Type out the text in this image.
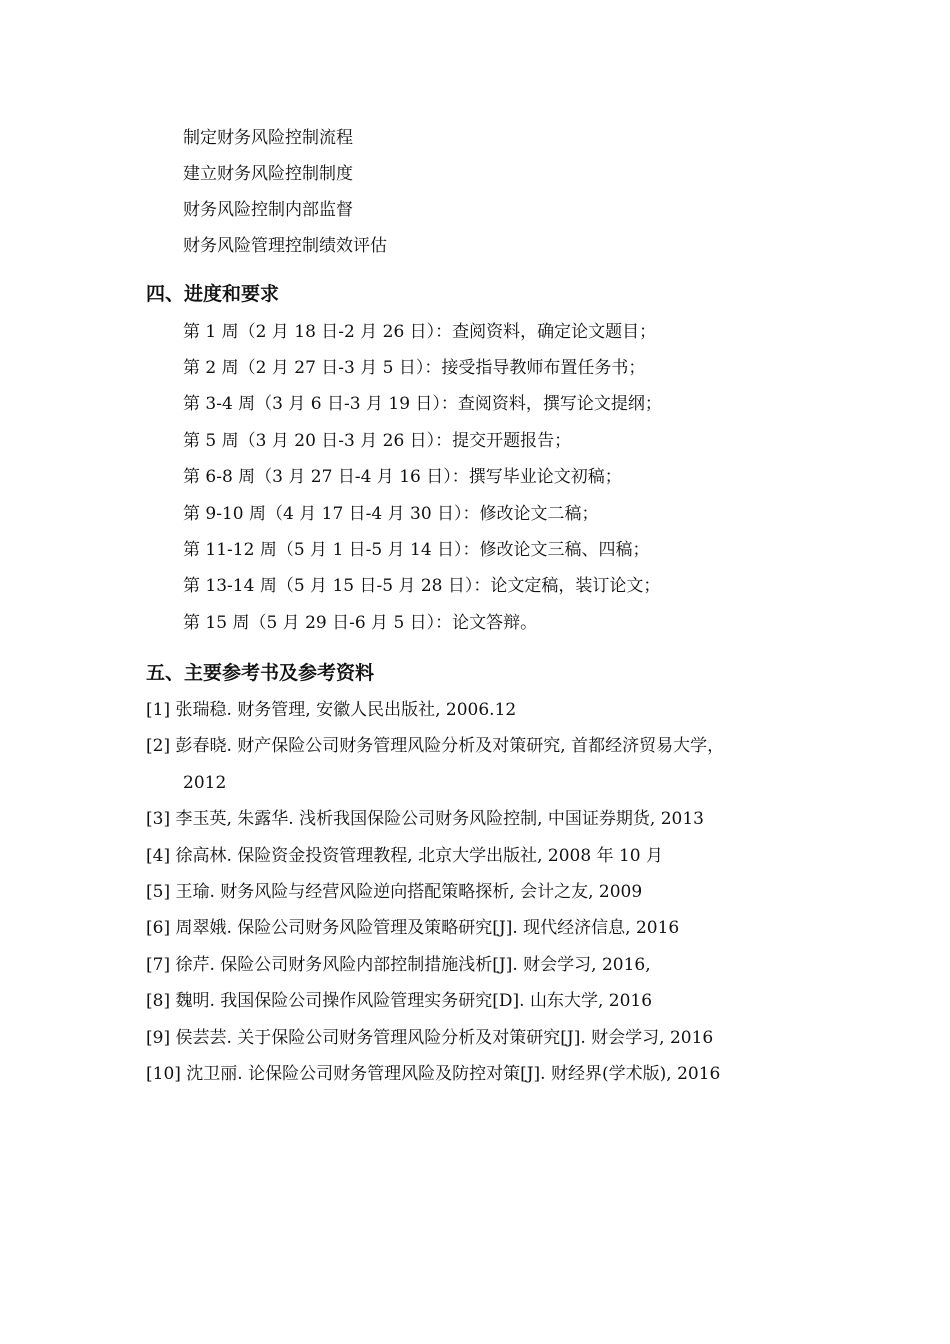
制定财务风险控制流程
建立财务风险控制制度
财务风险控制内部监督
财务风险管理控制绩效评估
四、进度和要求
第 1 周（2 月 18 日-2 月 26 日）：查阅资料，确定论文题目；
第 2 周（2 月 27 日-3 月 5 日）：接受指导教师布置任务书；
第 3-4 周（3 月 6 日-3 月 19 日）：查阅资料，撰写论文提纲；
第 5 周（3 月 20 日-3 月 26 日）：提交开题报告；
第 6-8 周（3 月 27 日-4 月 16 日）：撰写毕业论文初稿；
第 9-10 周（4 月 17 日-4 月 30 日）：修改论文二稿；
第 11-12 周（5 月 1 日-5 月 14 日）：修改论文三稿、四稿；
第 13-14 周（5 月 15 日-5 月 28 日）：论文定稿，装订论文；
第 15 周（5 月 29 日-6 月 5 日）：论文答辩。
五、主要参考书及参考资料
[1] 张瑞稳. 财务管理, 安徽人民出版社, 2006.12
[2] 彭春晓. 财产保险公司财务管理风险分析及对策研究, 首都经济贸易大学，
2012
[3] 李玉英, 朱露华. 浅析我国保险公司财务风险控制, 中国证券期货, 2013
[4] 徐高林. 保险资金投资管理教程, 北京大学出版社, 2008 年 10 月
[5] 王瑜. 财务风险与经营风险逆向搭配策略探析, 会计之友, 2009
[6] 周翠娥. 保险公司财务风险管理及策略研究[J]. 现代经济信息, 2016
[7] 徐芹. 保险公司财务风险内部控制措施浅析[J]. 财会学习, 2016,
[8] 魏明. 我国保险公司操作风险管理实务研究[D]. 山东大学, 2016
[9] 侯芸芸. 关于保险公司财务管理风险分析及对策研究[J]. 财会学习, 2016
[10] 沈卫丽. 论保险公司财务管理风险及防控对策[J]. 财经界(学术版), 2016
